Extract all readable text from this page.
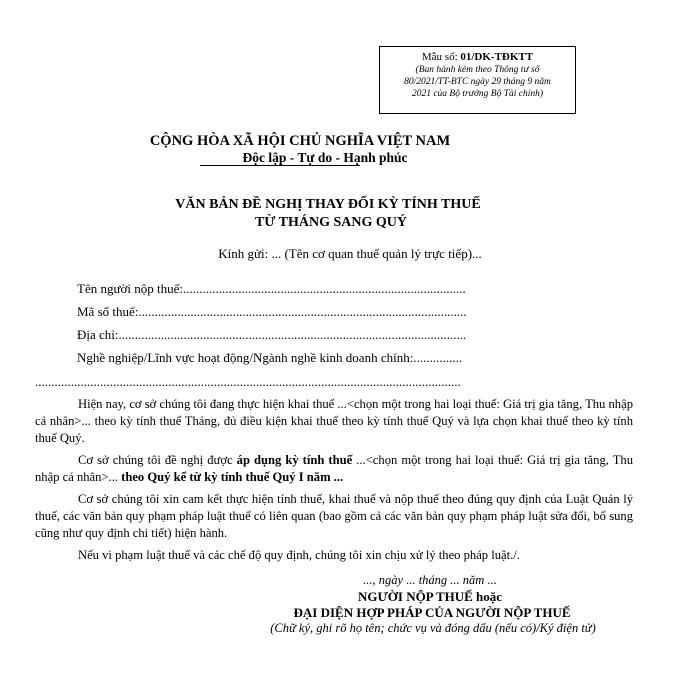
Mẫu số: 01/DK-TĐKTT
(Ban hành kèm theo Thông tư số
80/2021/TT-BTC ngày 29 tháng 9 năm
2021 của Bộ trưởng Bộ Tài chính)
CỘNG HÒA XÃ HỘI CHỦ NGHĨA VIỆT NAM
Độc lập - Tự do - Hạnh phúc
VĂN BẢN ĐỀ NGHỊ THAY ĐỔI KỲ TÍNH THUẾ
TỪ THÁNG SANG QUÝ
Kính gửi: ... (Tên cơ quan thuế quản lý trực tiếp)...
Tên người nộp thuế:.......................................................................................
Mã số thuế:.....................................................................................................
Địa chỉ:...........................................................................................................
Nghề nghiệp/Lĩnh vực hoạt động/Ngành nghề kinh doanh chính:...............
...................................................................................................................................
Hiện nay, cơ sở chúng tôi đang thực hiện khai thuế ...<chọn một trong hai loại thuế: Giá trị gia tăng, Thu nhập cá nhân>... theo kỳ tính thuế Tháng, đủ điều kiện khai thuế theo kỳ tính thuế Quý và lựa chọn khai thuế theo kỳ tính thuế Quý.
Cơ sở chúng tôi đề nghị được áp dụng kỳ tính thuế ...<chọn một trong hai loại thuế: Giá trị gia tăng, Thu nhập cá nhân>... theo Quý kể từ kỳ tính thuế Quý I năm ...
Cơ sở chúng tôi xin cam kết thực hiện tính thuế, khai thuế và nộp thuế theo đúng quy định của Luật Quản lý thuế, các văn bản quy phạm pháp luật thuế có liên quan (bao gồm cả các văn bản quy phạm pháp luật sửa đổi, bổ sung cũng như quy định chi tiết) hiện hành.
Nếu vi phạm luật thuế và các chế độ quy định, chúng tôi xin chịu xử lý theo pháp luật./.
..., ngày ... tháng ... năm ...
NGƯỜI NỘP THUẾ hoặc
ĐẠI DIỆN HỢP PHÁP CỦA NGƯỜI NỘP THUẾ
(Chữ ký, ghi rõ họ tên; chức vụ và đóng dấu (nếu có)/Ký điện tử)
